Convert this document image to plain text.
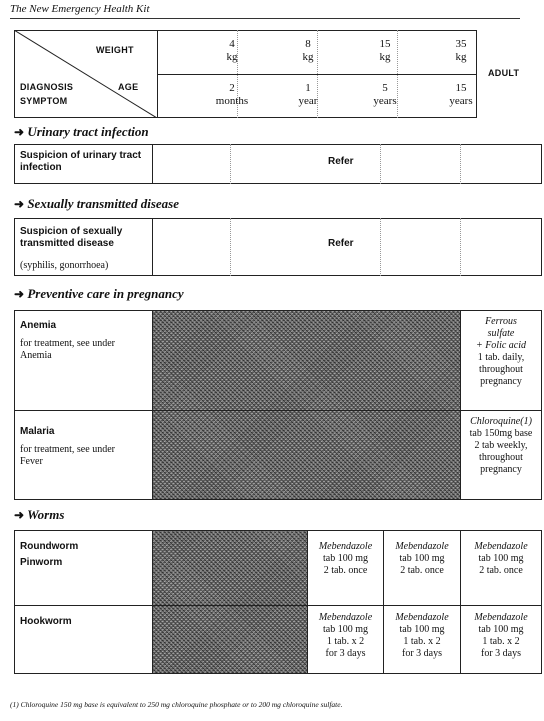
The New Emergency Health Kit
WEIGHT
AGE
DIAGNOSIS
SYMPTOM
ADULT
4
kg
8
kg
15
kg
35
kg
2
months
1
year
5
years
15
years
➜ Urinary tract infection
Suspicion of urinary tract infection
Refer
➜ Sexually transmitted disease
Suspicion of sexually transmitted disease
(syphilis, gonorrhoea)
Refer
➜ Preventive care in pregnancy
Anemia
for treatment, see under Anemia
Ferrous
sulfate
+ Folic acid
1 tab. daily,
throughout
pregnancy
Malaria
for treatment, see under Fever
Chloroquine(1)
tab 150mg base
2 tab weekly,
throughout
pregnancy
➜ Worms
Roundworm
Pinworm
Mebendazole
tab 100 mg
2 tab. once
Mebendazole
tab 100 mg
2 tab. once
Mebendazole
tab 100 mg
2 tab. once
Hookworm	Mebendazole
tab 100 mg
1 tab. x 2
for 3 days
Mebendazole
tab 100 mg
1 tab. x 2
for 3 days
Mebendazole
tab 100 mg
1 tab. x 2
for 3 days
(1) Chloroquine 150 mg base is equivalent to 250 mg chloroquine phosphate or to 200 mg chloroquine sulfate.
